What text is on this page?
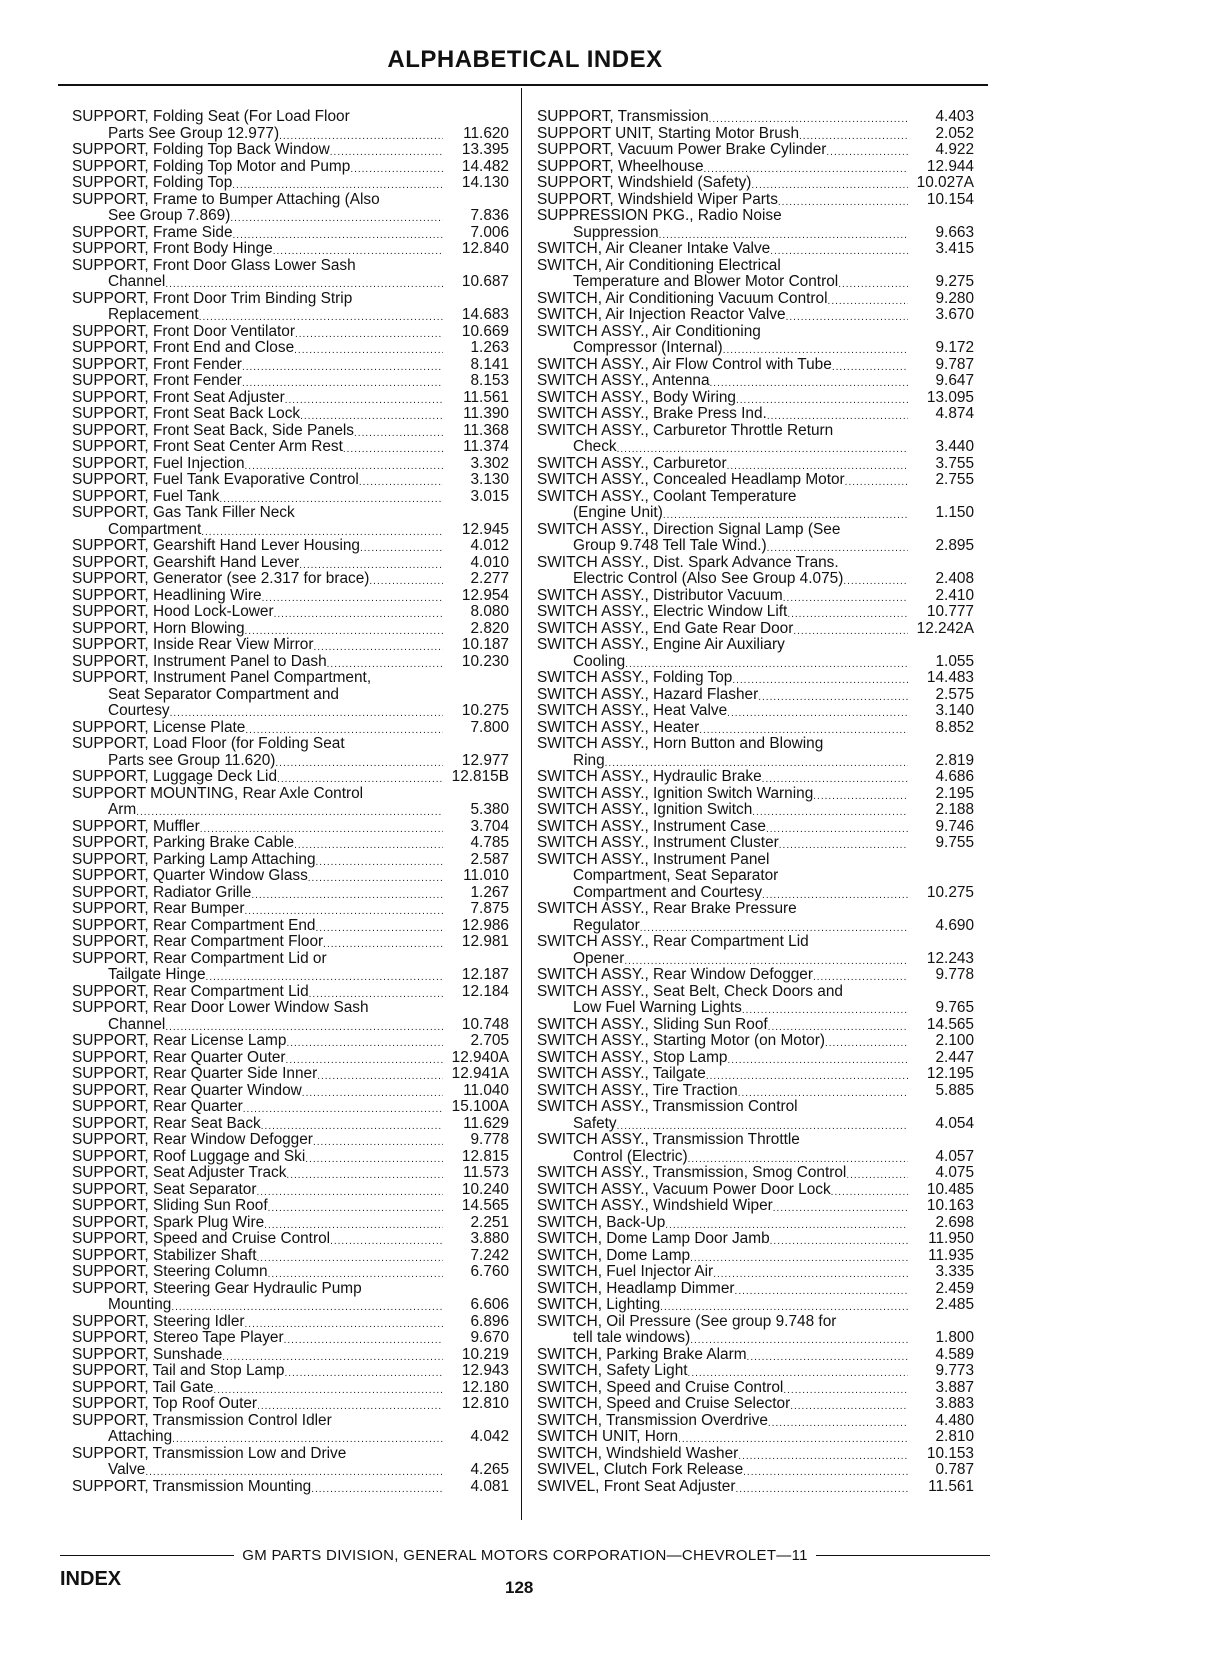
ALPHABETICAL INDEX
SUPPORT, Folding Seat (For Load Floor
Parts See Group 12.977) .....	11.620
SUPPORT, Folding Top Back Window .....	13.395
SUPPORT, Folding Top Motor and Pump .....	14.482
SUPPORT, Folding Top .....	14.130
SUPPORT, Frame to Bumper Attaching (Also
See Group 7.869) .....	7.836
SUPPORT, Frame Side .....	7.006
SUPPORT, Front Body Hinge .....	12.840
SUPPORT, Front Door Glass Lower Sash
Channel .....	10.687
SUPPORT, Front Door Trim Binding Strip
Replacement .....	14.683
SUPPORT, Front Door Ventilator .....	10.669
SUPPORT, Front End and Close .....	1.263
SUPPORT, Front Fender .....	8.141
SUPPORT, Front Fender .....	8.153
SUPPORT, Front Seat Adjuster .....	11.561
SUPPORT, Front Seat Back Lock .....	11.390
SUPPORT, Front Seat Back, Side Panels .....	11.368
SUPPORT, Front Seat Center Arm Rest .....	11.374
SUPPORT, Fuel Injection .....	3.302
SUPPORT, Fuel Tank Evaporative Control .....	3.130
SUPPORT, Fuel Tank .....	3.015
SUPPORT, Gas Tank Filler Neck
Compartment .....	12.945
SUPPORT, Gearshift Hand Lever Housing .....	4.012
SUPPORT, Gearshift Hand Lever .....	4.010
SUPPORT, Generator (see 2.317 for brace) .....	2.277
SUPPORT, Headlining Wire .....	12.954
SUPPORT, Hood Lock-Lower .....	8.080
SUPPORT, Horn Blowing .....	2.820
SUPPORT, Inside Rear View Mirror .....	10.187
SUPPORT, Instrument Panel to Dash .....	10.230
SUPPORT, Instrument Panel Compartment,
Seat Separator Compartment and
Courtesy .....	10.275
SUPPORT, License Plate .....	7.800
SUPPORT, Load Floor (for Folding Seat
Parts see Group 11.620) .....	12.977
SUPPORT, Luggage Deck Lid .....	12.815B
SUPPORT MOUNTING, Rear Axle Control
Arm .....	5.380
SUPPORT, Muffler .....	3.704
SUPPORT, Parking Brake Cable .....	4.785
SUPPORT, Parking Lamp Attaching .....	2.587
SUPPORT, Quarter Window Glass .....	11.010
SUPPORT, Radiator Grille .....	1.267
SUPPORT, Rear Bumper .....	7.875
SUPPORT, Rear Compartment End .....	12.986
SUPPORT, Rear Compartment Floor .....	12.981
SUPPORT, Rear Compartment Lid or
Tailgate Hinge .....	12.187
SUPPORT, Rear Compartment Lid .....	12.184
SUPPORT, Rear Door Lower Window Sash
Channel .....	10.748
SUPPORT, Rear License Lamp .....	2.705
SUPPORT, Rear Quarter Outer .....	12.940A
SUPPORT, Rear Quarter Side Inner .....	12.941A
SUPPORT, Rear Quarter Window .....	11.040
SUPPORT, Rear Quarter .....	15.100A
SUPPORT, Rear Seat Back .....	11.629
SUPPORT, Rear Window Defogger .....	9.778
SUPPORT, Roof Luggage and Ski .....	12.815
SUPPORT, Seat Adjuster Track .....	11.573
SUPPORT, Seat Separator .....	10.240
SUPPORT, Sliding Sun Roof .....	14.565
SUPPORT, Spark Plug Wire .....	2.251
SUPPORT, Speed and Cruise Control .....	3.880
SUPPORT, Stabilizer Shaft .....	7.242
SUPPORT, Steering Column .....	6.760
SUPPORT, Steering Gear Hydraulic Pump
Mounting .....	6.606
SUPPORT, Steering Idler .....	6.896
SUPPORT, Stereo Tape Player .....	9.670
SUPPORT, Sunshade .....	10.219
SUPPORT, Tail and Stop Lamp .....	12.943
SUPPORT, Tail Gate .....	12.180
SUPPORT, Top Roof Outer .....	12.810
SUPPORT, Transmission Control Idler
Attaching .....	4.042
SUPPORT, Transmission Low and Drive
Valve .....	4.265
SUPPORT, Transmission Mounting .....	4.081
SUPPORT, Transmission .....	4.403
SUPPORT UNIT, Starting Motor Brush .....	2.052
SUPPORT, Vacuum Power Brake Cylinder .....	4.922
SUPPORT, Wheelhouse .....	12.944
SUPPORT, Windshield (Safety) .....	10.027A
SUPPORT, Windshield Wiper Parts .....	10.154
SUPPRESSION PKG., Radio Noise
Suppression .....	9.663
SWITCH, Air Cleaner Intake Valve .....	3.415
SWITCH, Air Conditioning Electrical
Temperature and Blower Motor Control .....	9.275
SWITCH, Air Conditioning Vacuum Control .....	9.280
SWITCH, Air Injection Reactor Valve .....	3.670
SWITCH ASSY., Air Conditioning
Compressor (Internal) .....	9.172
SWITCH ASSY., Air Flow Control with Tube .....	9.787
SWITCH ASSY., Antenna .....	9.647
SWITCH ASSY., Body Wiring .....	13.095
SWITCH ASSY., Brake Press Ind. .....	4.874
SWITCH ASSY., Carburetor Throttle Return
Check .....	3.440
SWITCH ASSY., Carburetor .....	3.755
SWITCH ASSY., Concealed Headlamp Motor .....	2.755
SWITCH ASSY., Coolant Temperature
(Engine Unit) .....	1.150
SWITCH ASSY., Direction Signal Lamp (See
Group 9.748 Tell Tale Wind.) .....	2.895
SWITCH ASSY., Dist. Spark Advance Trans.
Electric Control (Also See Group 4.075) .....	2.408
SWITCH ASSY., Distributor Vacuum .....	2.410
SWITCH ASSY., Electric Window Lift .....	10.777
SWITCH ASSY., End Gate Rear Door .....	12.242A
SWITCH ASSY., Engine Air Auxiliary
Cooling .....	1.055
SWITCH ASSY., Folding Top .....	14.483
SWITCH ASSY., Hazard Flasher .....	2.575
SWITCH ASSY., Heat Valve .....	3.140
SWITCH ASSY., Heater .....	8.852
SWITCH ASSY., Horn Button and Blowing
Ring .....	2.819
SWITCH ASSY., Hydraulic Brake .....	4.686
SWITCH ASSY., Ignition Switch Warning .....	2.195
SWITCH ASSY., Ignition Switch .....	2.188
SWITCH ASSY., Instrument Case .....	9.746
SWITCH ASSY., Instrument Cluster .....	9.755
SWITCH ASSY., Instrument Panel
Compartment, Seat Separator
Compartment and Courtesy .....	10.275
SWITCH ASSY., Rear Brake Pressure
Regulator .....	4.690
SWITCH ASSY., Rear Compartment Lid
Opener .....	12.243
SWITCH ASSY., Rear Window Defogger .....	9.778
SWITCH ASSY., Seat Belt, Check Doors and
Low Fuel Warning Lights .....	9.765
SWITCH ASSY., Sliding Sun Roof .....	14.565
SWITCH ASSY., Starting Motor (on Motor) .....	2.100
SWITCH ASSY., Stop Lamp .....	2.447
SWITCH ASSY., Tailgate .....	12.195
SWITCH ASSY., Tire Traction .....	5.885
SWITCH ASSY., Transmission Control
Safety .....	4.054
SWITCH ASSY., Transmission Throttle
Control (Electric) .....	4.057
SWITCH ASSY., Transmission, Smog Control .....	4.075
SWITCH ASSY., Vacuum Power Door Lock .....	10.485
SWITCH ASSY., Windshield Wiper .....	10.163
SWITCH, Back-Up .....	2.698
SWITCH, Dome Lamp Door Jamb .....	11.950
SWITCH, Dome Lamp .....	11.935
SWITCH, Fuel Injector Air .....	3.335
SWITCH, Headlamp Dimmer .....	2.459
SWITCH, Lighting .....	2.485
SWITCH, Oil Pressure (See group 9.748 for
tell tale windows) .....	1.800
SWITCH, Parking Brake Alarm .....	4.589
SWITCH, Safety Light .....	9.773
SWITCH, Speed and Cruise Control .....	3.887
SWITCH, Speed and Cruise Selector .....	3.883
SWITCH, Transmission Overdrive .....	4.480
SWITCH UNIT, Horn .....	2.810
SWITCH, Windshield Washer .....	10.153
SWIVEL, Clutch Fork Release .....	0.787
SWIVEL, Front Seat Adjuster .....	11.561
GM PARTS DIVISION, GENERAL MOTORS CORPORATION—CHEVROLET—11
INDEX	128
